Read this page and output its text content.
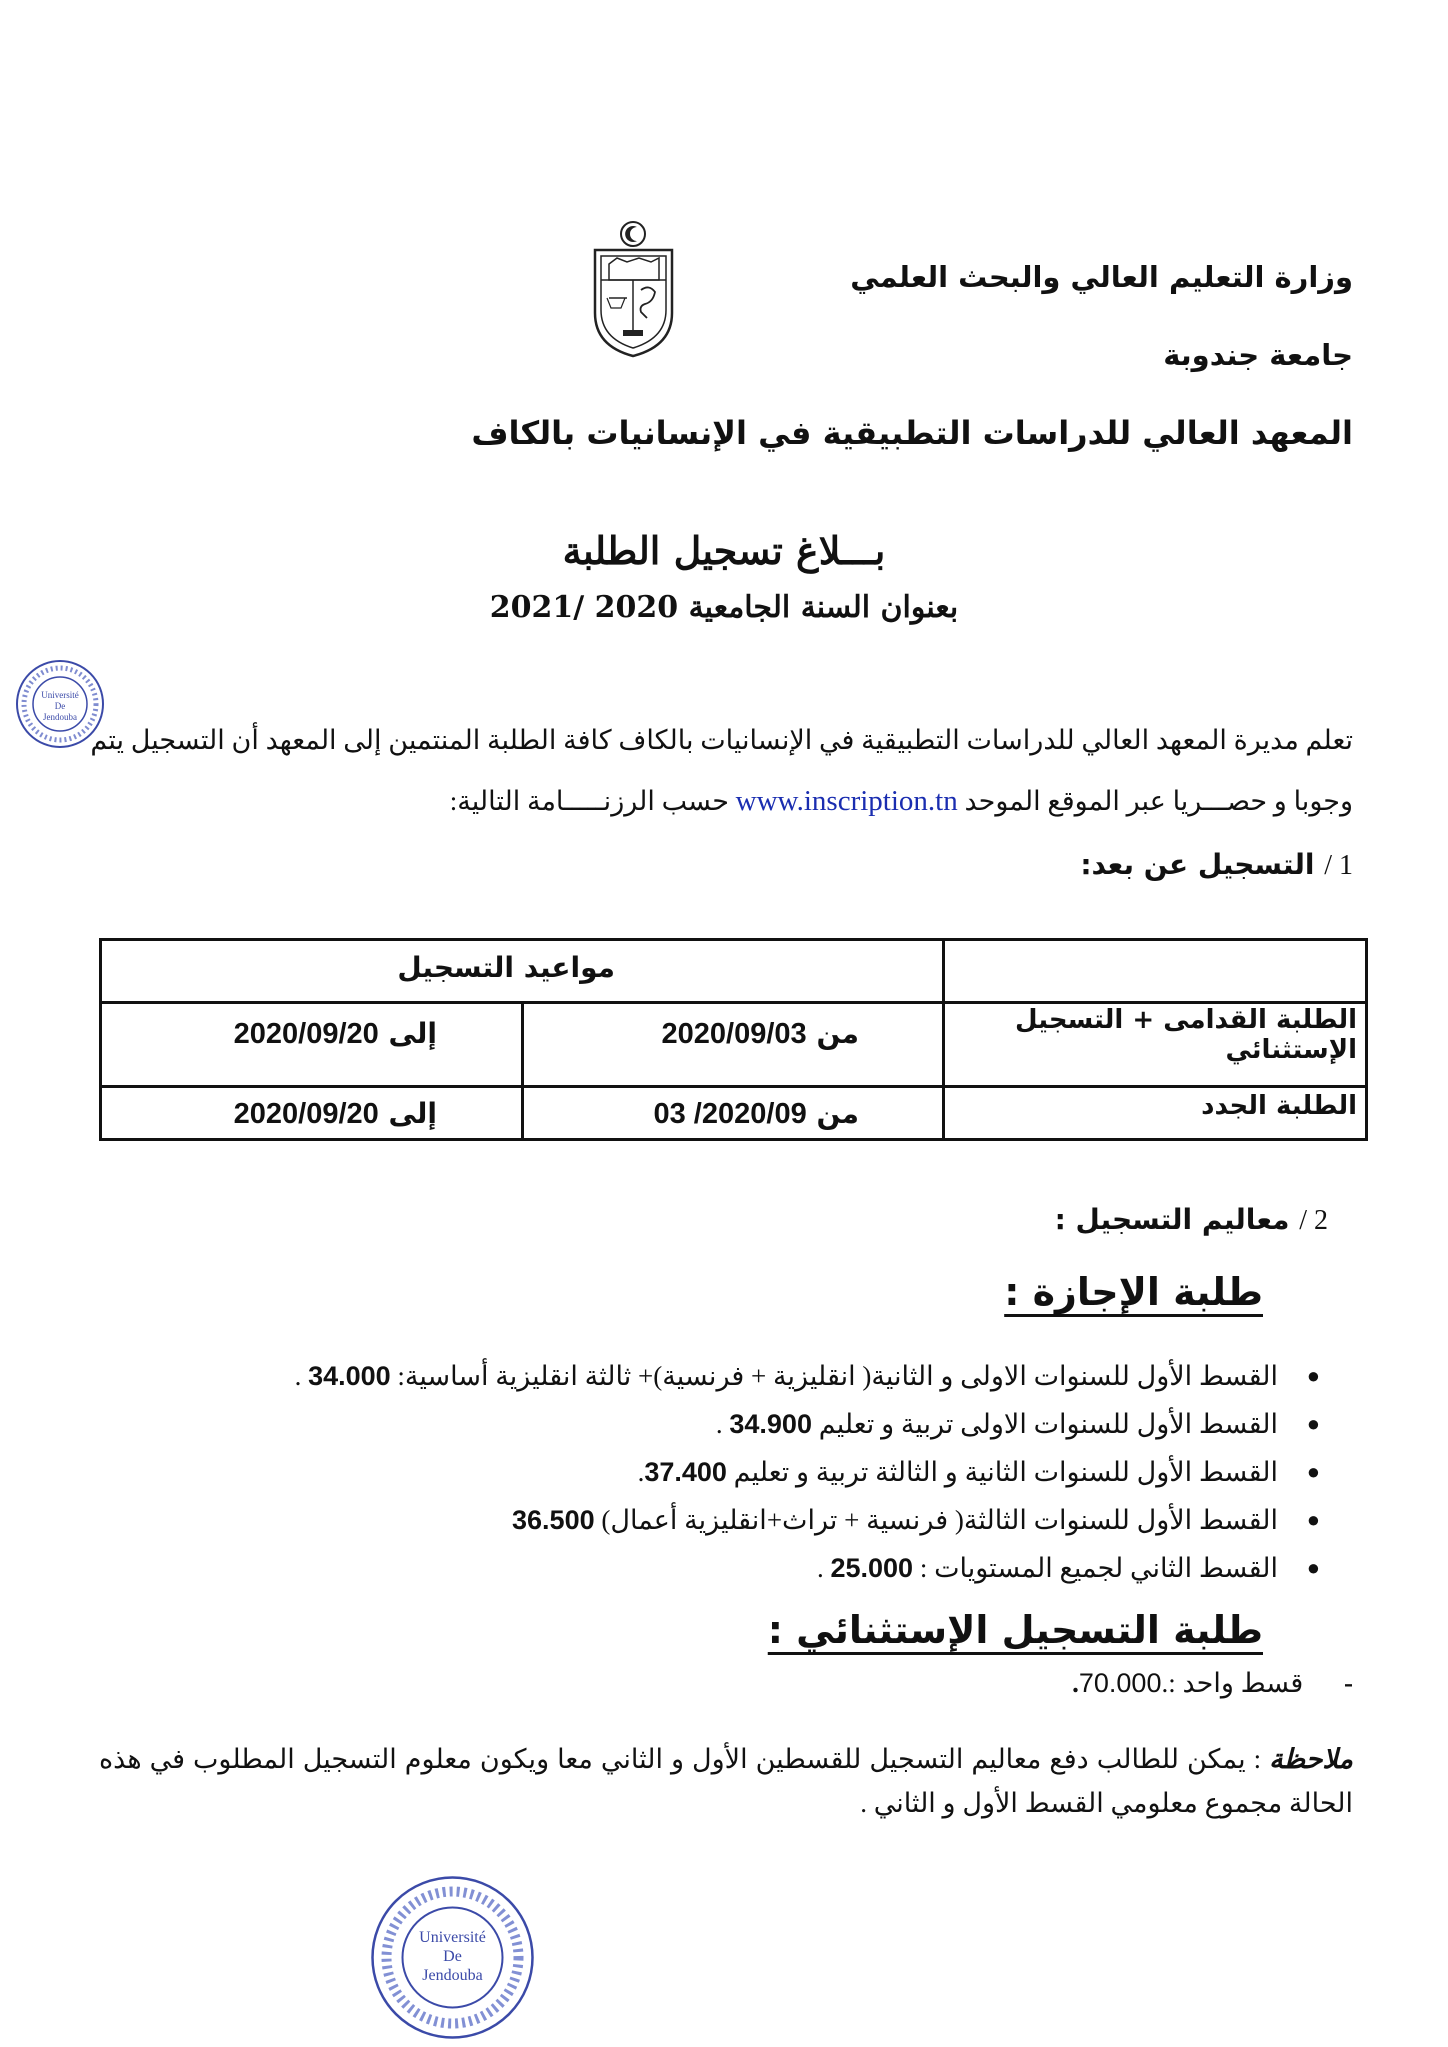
Université
De
Jendouba
وزارة التعليم العالي والبحث العلمي
جامعة جندوبة
المعهد العالي للدراسات التطبيقية في الإنسانيات بالكاف
بـــلاغ تسجيل الطلبة
بعنوان السنة الجامعية 2020 /2021
تعلم مديرة المعهد العالي للدراسات التطبيقية في الإنسانيات بالكاف كافة الطلبة المنتمين إلى المعهد أن التسجيل يتم
وجوبا و حصـــريا عبر الموقع الموحد www.inscription.tn حسب الرزنـــــامة التالية:
1 / التسجيل عن بعد:
مواعيد التسجيل
الطلبة القدامى + التسجيل
الإستثنائي
من 2020/09/03
إلى 2020/09/20
الطلبة الجدد
من 2020/09/ 03
إلى 2020/09/20
2 / معاليم التسجيل :
طلبة الإجازة :
●
القسط الأول للسنوات الاولى و الثانية( انقليزية + فرنسية)+ ثالثة انقليزية أساسية: 34.000 .
●
القسط الأول للسنوات الاولى تربية و تعليم 34.900 .
●
القسط الأول للسنوات الثانية و الثالثة تربية و تعليم 37.400.
●
القسط الأول للسنوات الثالثة( فرنسية + تراث+انقليزية أعمال) 36.500
●
القسط الثاني لجميع المستويات : 25.000 .
طلبة التسجيل الإستثنائي :
- قسط واحد :.70.000.
ملاحظة : يمكن للطالب دفع معاليم التسجيل للقسطين الأول و الثاني معا ويكون معلوم التسجيل المطلوب في هذه الحالة مجموع معلومي القسط الأول و الثاني .
Université
De
Jendouba
